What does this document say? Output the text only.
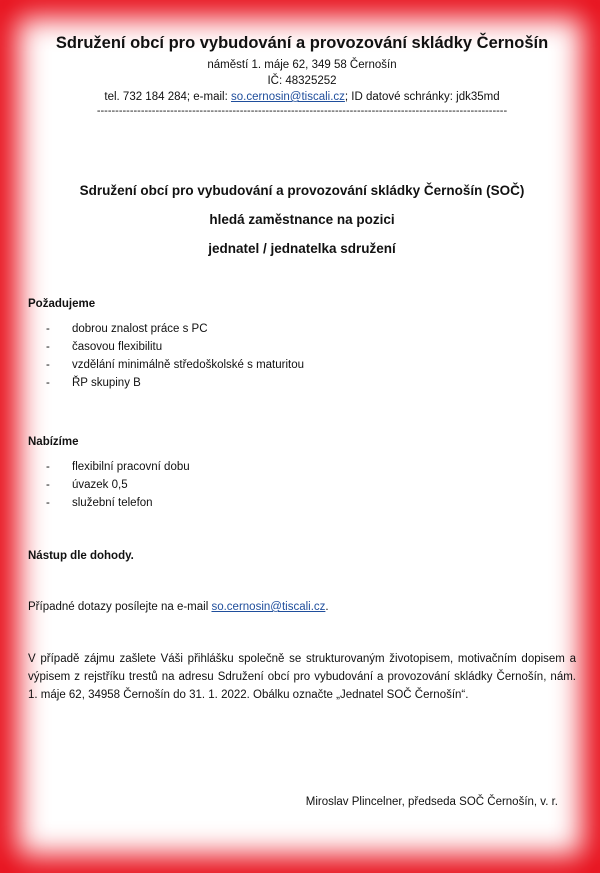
Sdružení obcí pro vybudování a provozování skládky Černošín
náměstí 1. máje 62, 349 58 Černošín
IČ: 48325252
tel. 732 184 284; e-mail: so.cernosin@tiscali.cz; ID datové schránky: jdk35md
----------------------------------------------------------------------------------------------------------------
Sdružení obcí pro vybudování a provozování skládky Černošín (SOČ)
hledá zaměstnance na pozici
jednatel / jednatelka sdružení
Požadujeme
-	dobrou znalost práce s PC
-	časovou flexibilitu
-	vzdělání minimálně středoškolské s maturitou
-	ŘP skupiny B
Nabízíme
-	flexibilní pracovní dobu
-	úvazek 0,5
-	služební telefon
Nástup dle dohody.
Případné dotazy posílejte na e-mail so.cernosin@tiscali.cz.
V případě zájmu zašlete Váši přihlášku společně se strukturovaným životopisem, motivačním dopisem a výpisem z rejstříku trestů na adresu Sdružení obcí pro vybudování a provozování skládky Černošín, nám. 1. máje 62, 34958 Černošín do 31. 1. 2022. Obálku označte „Jednatel SOČ Černošín“.
Miroslav Plincelner, předseda SOČ Černošín, v. r.
